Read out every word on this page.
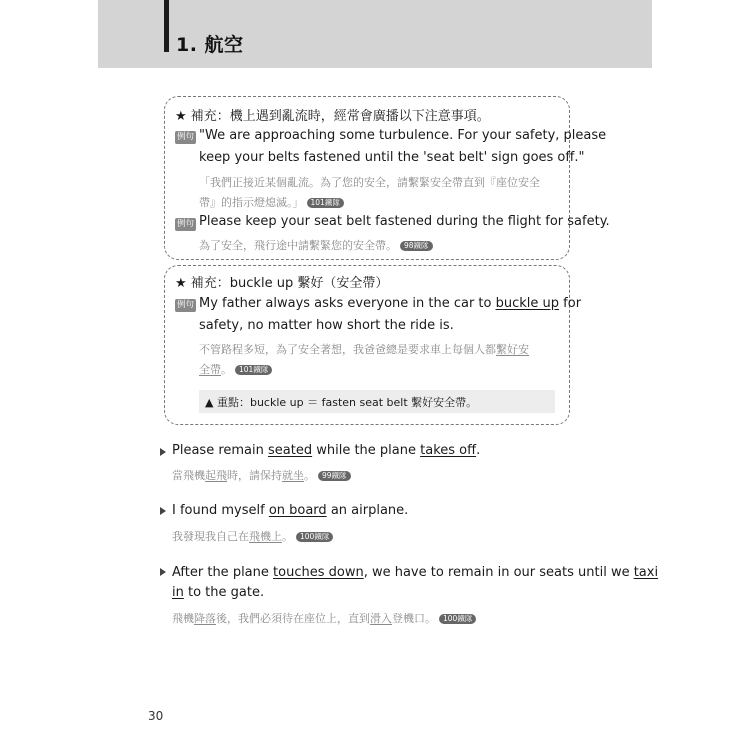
1. 航空
★ 補充：機上遇到亂流時，經常會廣播以下注意事項。
例句 "We are approaching some turbulence. For your safety, please
keep your belts fastened until the 'seat belt' sign goes off."
「我們正接近某個亂流。為了您的安全，請繫緊安全帶直到『座位安全
帶』的指示燈熄滅。」 101鐵隊
例句 Please keep your seat belt fastened during the flight for safety.
為了安全，飛行途中請繫緊您的安全帶。 98鐵隊
★ 補充：buckle up 繫好（安全帶）
例句 My father always asks everyone in the car to buckle up for
safety, no matter how short the ride is.
不管路程多短，為了安全著想，我爸爸總是要求車上每個人都繫好安
全帶。 101鐵隊
▲ 重點：buckle up ＝ fasten seat belt 繫好安全帶。
Please remain seated while the plane takes off.
當飛機起飛時，請保持就坐。 99鐵隊
I found myself on board an airplane.
我發現我自己在飛機上。 100鐵隊
After the plane touches down, we have to remain in our seats until we taxi
in to the gate.
飛機降落後，我們必須待在座位上，直到滑入登機口。 100鐵隊
30
